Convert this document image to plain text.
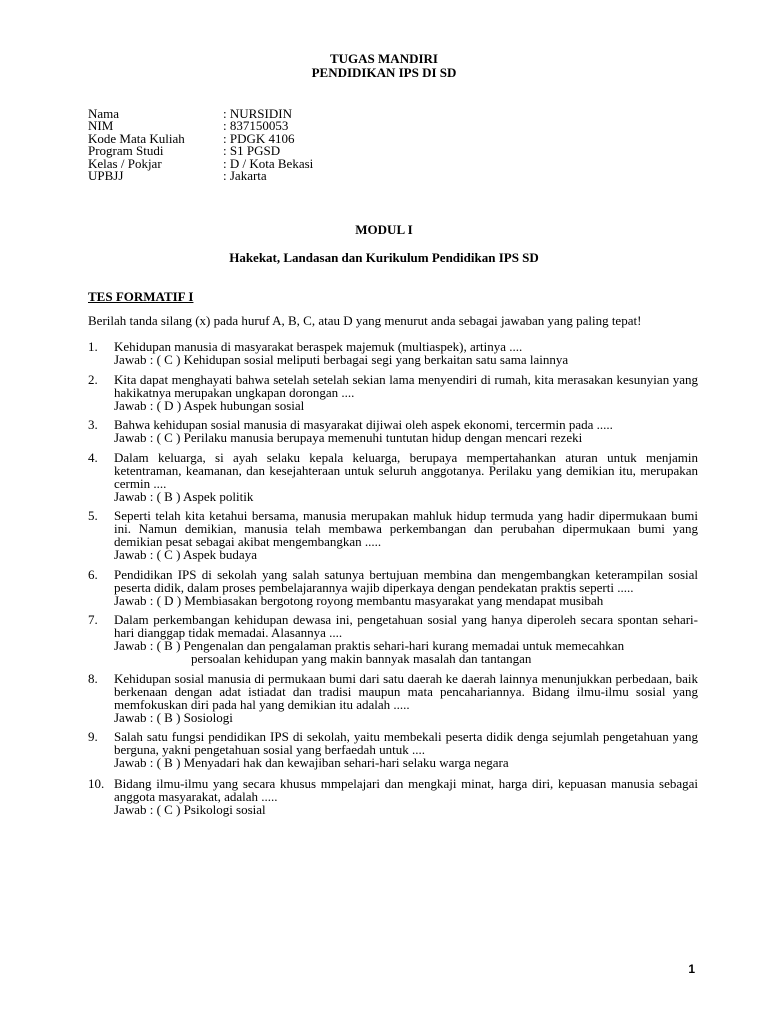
TUGAS MANDIRI
PENDIDIKAN IPS DI SD
Nama	: NURSIDIN
NIM	: 837150053
Kode Mata Kuliah	: PDGK 4106
Program Studi	: S1 PGSD
Kelas / Pokjar	: D / Kota Bekasi
UPBJJ	: Jakarta
MODUL I
Hakekat, Landasan dan Kurikulum Pendidikan IPS SD
TES FORMATIF I
Berilah tanda silang (x) pada huruf A, B, C, atau D yang menurut anda sebagai jawaban yang paling tepat!
1. Kehidupan manusia di masyarakat beraspek majemuk (multiaspek), artinya ....
Jawab : ( C ) Kehidupan sosial meliputi berbagai segi yang berkaitan satu sama lainnya
2. Kita dapat menghayati bahwa setelah setelah sekian lama menyendiri di rumah, kita merasakan kesunyian yang hakikatnya merupakan ungkapan dorongan ....
Jawab : ( D ) Aspek hubungan sosial
3. Bahwa kehidupan sosial manusia di masyarakat dijiwai oleh aspek ekonomi, tercermin pada .....
Jawab : ( C ) Perilaku manusia berupaya memenuhi tuntutan hidup dengan mencari rezeki
4. Dalam keluarga, si ayah selaku kepala keluarga, berupaya mempertahankan aturan untuk menjamin ketentraman, keamanan, dan kesejahteraan untuk seluruh anggotanya. Perilaku yang demikian itu, merupakan cermin ....
Jawab : ( B ) Aspek politik
5. Seperti telah kita ketahui bersama, manusia merupakan mahluk hidup termuda yang hadir dipermukaan bumi ini. Namun demikian, manusia telah membawa perkembangan dan perubahan dipermukaan bumi yang demikian pesat sebagai akibat mengembangkan .....
Jawab : ( C ) Aspek budaya
6. Pendidikan IPS di sekolah yang salah satunya bertujuan membina dan mengembangkan keterampilan sosial peserta didik, dalam proses pembelajarannya wajib diperkaya dengan pendekatan praktis seperti .....
Jawab : ( D ) Membiasakan bergotong royong membantu masyarakat yang mendapat musibah
7. Dalam perkembangan kehidupan dewasa ini, pengetahuan sosial yang hanya diperoleh secara spontan sehari-hari dianggap tidak memadai. Alasannya ....
Jawab : ( B ) Pengenalan dan pengalaman praktis sehari-hari kurang memadai untuk memecahkan
persoalan kehidupan yang makin bannyak masalah dan tantangan
8. Kehidupan sosial manusia di permukaan bumi dari satu daerah ke daerah lainnya menunjukkan perbedaan, baik berkenaan dengan adat istiadat dan tradisi maupun mata pencahariannya. Bidang ilmu-ilmu sosial yang memfokuskan diri pada hal yang demikian itu adalah .....
Jawab : ( B ) Sosiologi
9. Salah satu fungsi pendidikan IPS di sekolah, yaitu membekali peserta didik denga sejumlah pengetahuan yang berguna, yakni pengetahuan sosial yang berfaedah untuk ....
Jawab : ( B ) Menyadari hak dan kewajiban sehari-hari selaku warga negara
10. Bidang ilmu-ilmu yang secara khusus mmpelajari dan mengkaji minat, harga diri, kepuasan manusia sebagai anggota masyarakat, adalah .....
Jawab : ( C ) Psikologi sosial
1
